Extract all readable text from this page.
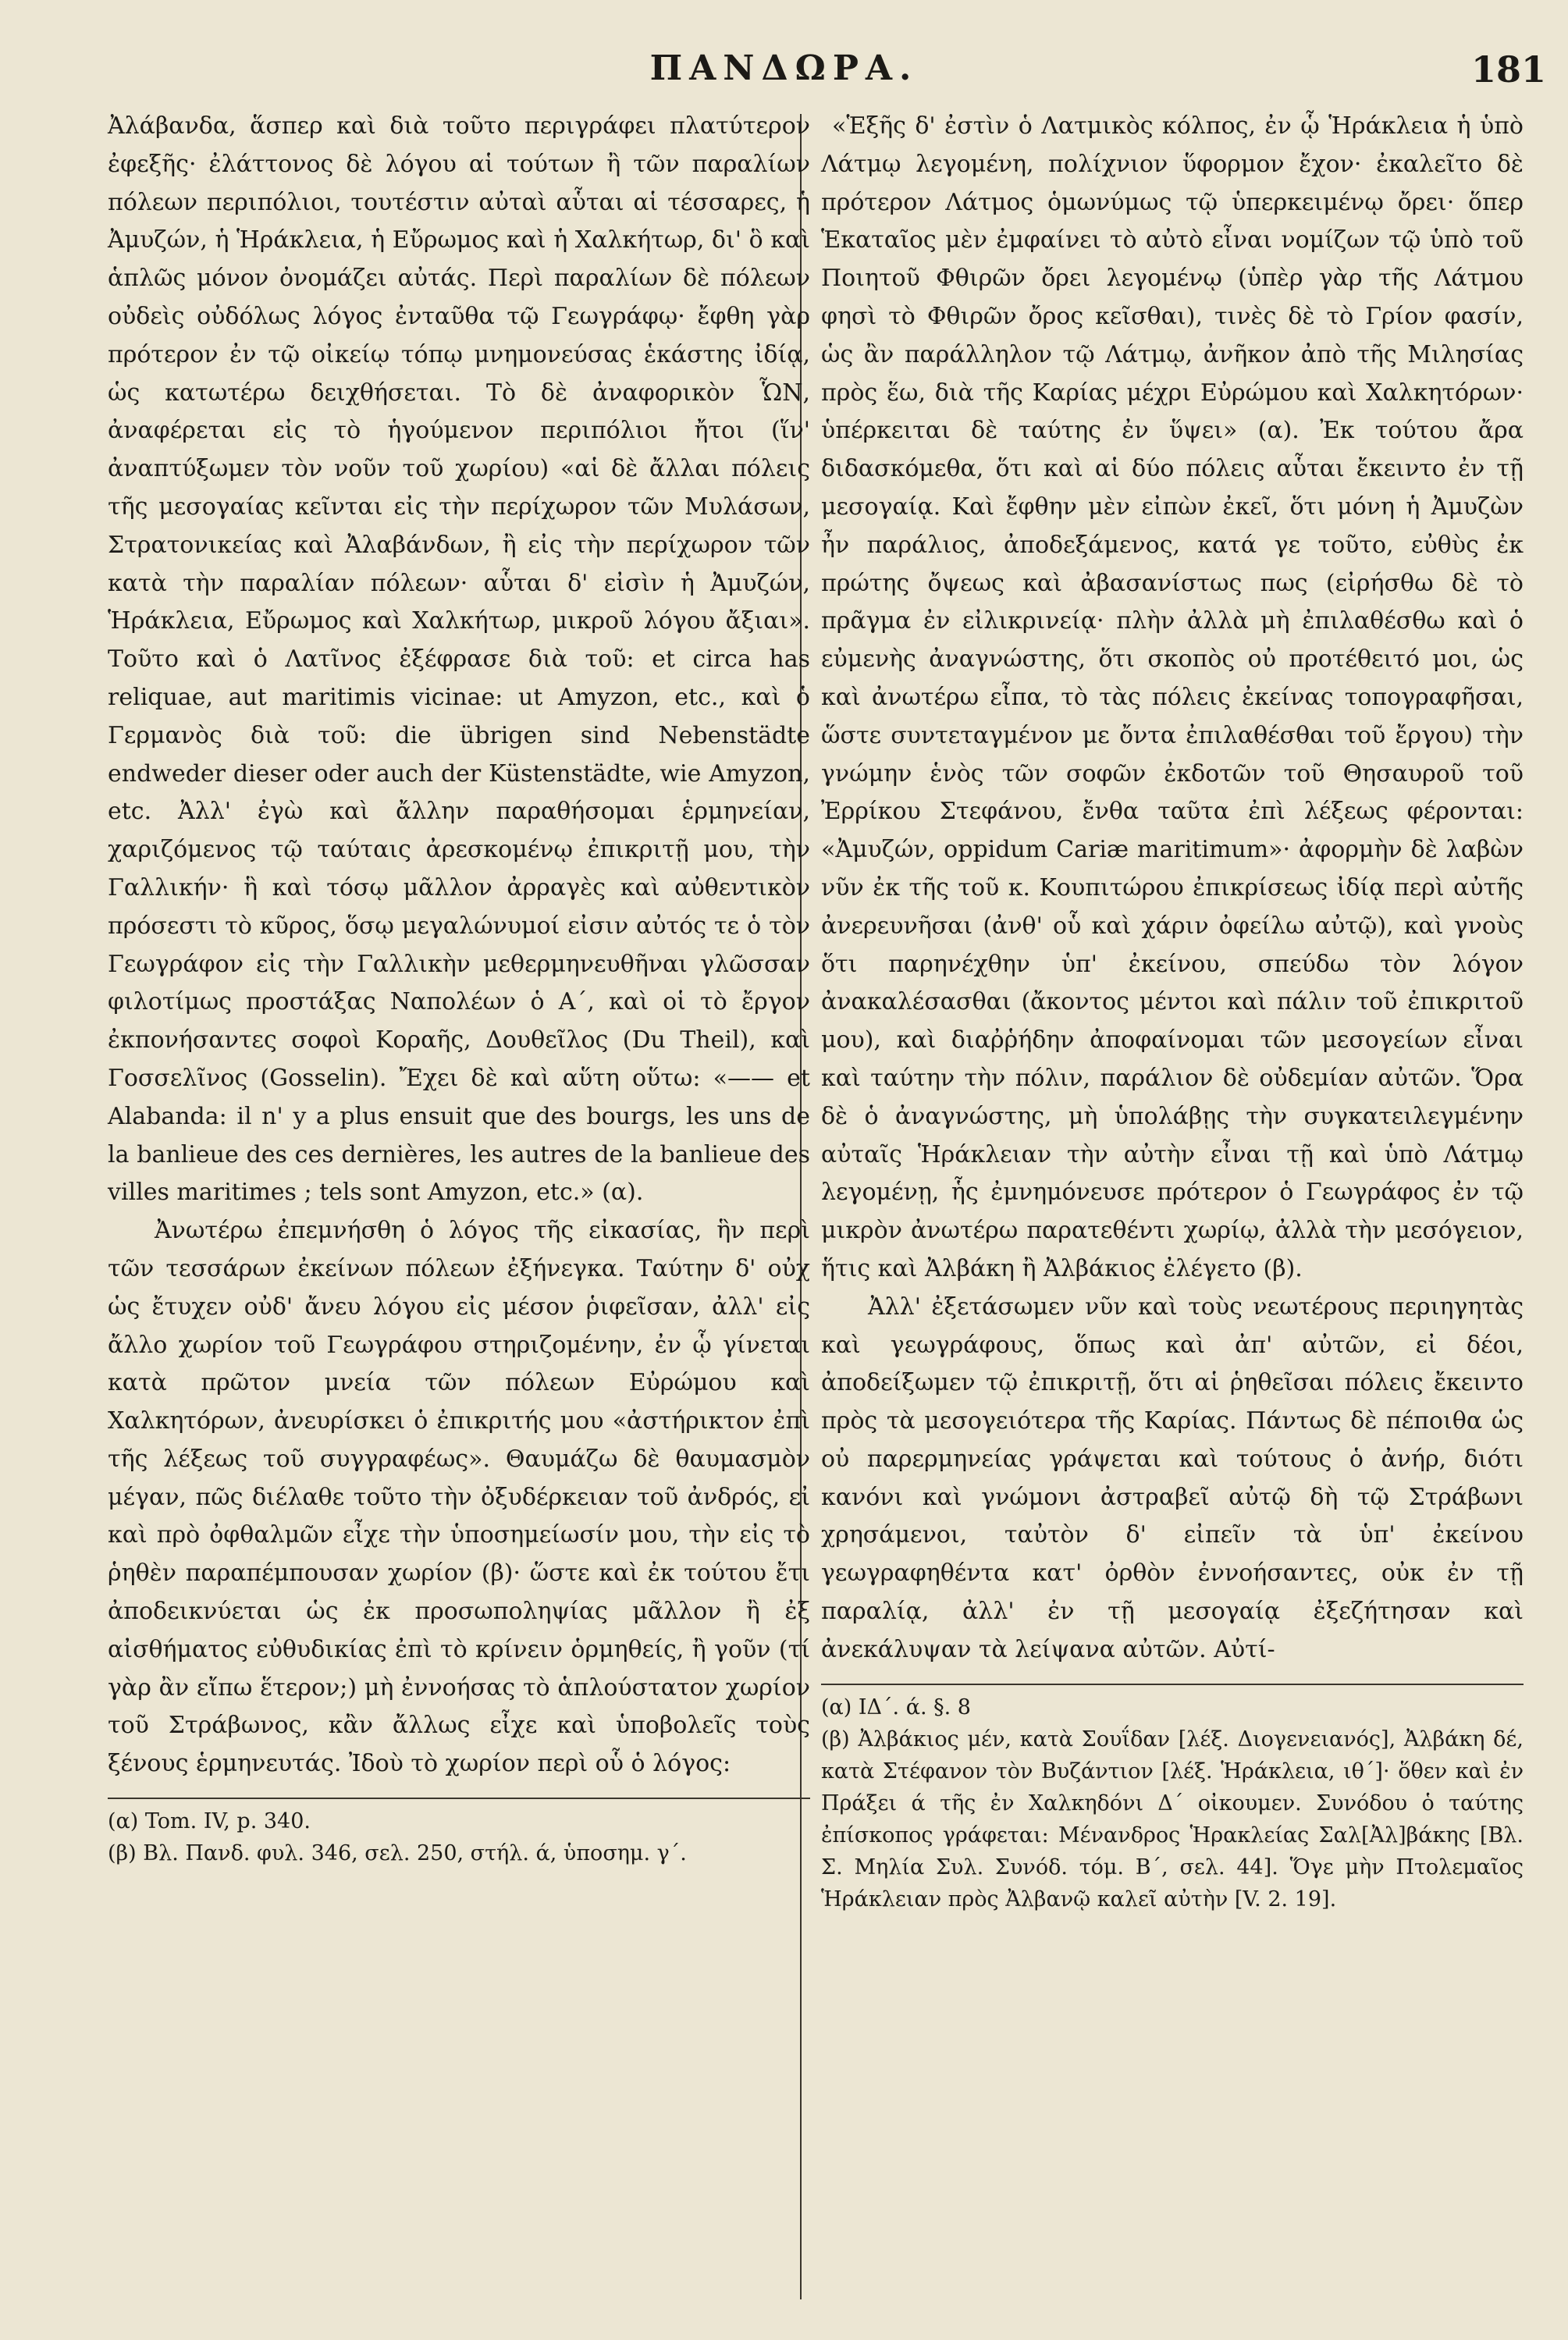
ΠΑΝΔΩΡΑ.	181

Ἀλάβανδα, ἅσπερ καὶ διὰ τοῦτο περιγράφει πλατύτερον ἐφεξῆς· ἐλάττονος δὲ λόγου αἱ τούτων ἢ τῶν παραλίων πόλεων περιπόλιοι, τουτέστιν αὐταὶ αὗται αἱ τέσσαρες, ἡ Ἀμυζών, ἡ Ἡράκλεια, ἡ Εὔρωμος καὶ ἡ Χαλκήτωρ, δι' ὃ καὶ ἁπλῶς μόνον ὀνομάζει αὐτάς. Περὶ παραλίων δὲ πόλεων οὐδεὶς οὐδόλως λόγος ἐνταῦθα τῷ Γεωγράφῳ· ἔφθη γὰρ πρότερον ἐν τῷ οἰκείῳ τόπῳ μνημονεύσας ἑκάστης ἰδίᾳ, ὡς κατωτέρω δειχθήσεται. Τὸ δὲ ἀναφορικὸν ὯΝ, ἀναφέρεται εἰς τὸ ἡγούμενον περιπόλιοι ἤτοι (ἵν' ἀναπτύξωμεν τὸν νοῦν τοῦ χωρίου) «αἱ δὲ ἄλλαι πόλεις τῆς μεσογαίας κεῖνται εἰς τὴν περίχωρον τῶν Μυλάσων, Στρατονικείας καὶ Ἀλαβάνδων, ἢ εἰς τὴν περίχωρον τῶν κατὰ τὴν παραλίαν πόλεων· αὗται δ' εἰσὶν ἡ Ἀμυζών, Ἡράκλεια, Εὔρωμος καὶ Χαλκήτωρ, μικροῦ λόγου ἄξιαι». Τοῦτο καὶ ὁ Λατῖνος ἐξέφρασε διὰ τοῦ: et circa has reliquae, aut maritimis vicinae: ut Amyzon, etc., καὶ ὁ Γερμανὸς διὰ τοῦ: die übrigen sind Nebenstädte endweder dieser oder auch der Küstenstädte, wie Amyzon, etc. Ἀλλ' ἐγὼ καὶ ἄλλην παραθήσομαι ἑρμηνείαν, χαριζόμενος τῷ ταύταις ἀρεσκομένῳ ἐπικριτῇ μου, τὴν Γαλλικήν· ἣ καὶ τόσῳ μᾶλλον ἀρραγὲς καὶ αὐθεντικὸν πρόσεστι τὸ κῦρος, ὅσῳ μεγαλώνυμοί εἰσιν αὐτός τε ὁ τὸν Γεωγράφον εἰς τὴν Γαλλικὴν μεθερμηνευθῆναι γλῶσσαν φιλοτίμως προστάξας Ναπολέων ὁ Α΄, καὶ οἱ τὸ ἔργον ἐκπονήσαντες σοφοὶ Κοραῆς, Δουθεῖλος (Du Theil), καὶ Γοσσελῖνος (Gosselin). Ἔχει δὲ καὶ αὕτη οὕτω: «—— et Alabanda: il n' y a plus ensuit que des bourgs, les uns de la banlieue des ces dernières, les autres de la banlieue des villes maritimes ; tels sont Amyzon, etc.» (α).

Ἀνωτέρω ἐπεμνήσθη ὁ λόγος τῆς εἰκασίας, ἣν περὶ τῶν τεσσάρων ἐκείνων πόλεων ἐξήνεγκα. Ταύτην δ' οὐχ ὡς ἔτυχεν οὐδ' ἄνευ λόγου εἰς μέσον ῥιφεῖσαν, ἀλλ' εἰς ἄλλο χωρίον τοῦ Γεωγράφου στηριζομένην, ἐν ᾧ γίνεται κατὰ πρῶτον μνεία τῶν πόλεων Εὐρώμου καὶ Χαλκητόρων, ἀνευρίσκει ὁ ἐπικριτής μου «ἀστήρικτον ἐπὶ τῆς λέξεως τοῦ συγγραφέως». Θαυμάζω δὲ θαυμασμὸν μέγαν, πῶς διέλαθε τοῦτο τὴν ὀξυδέρκειαν τοῦ ἀνδρός, εἰ καὶ πρὸ ὀφθαλμῶν εἶχε τὴν ὑποσημείωσίν μου, τὴν εἰς τὸ ῥηθὲν παραπέμπουσαν χωρίον (β)· ὥστε καὶ ἐκ τούτου ἔτι ἀποδεικνύεται ὡς ἐκ προσωποληψίας μᾶλλον ἢ ἐξ αἰσθήματος εὐθυδικίας ἐπὶ τὸ κρίνειν ὁρμηθείς, ἢ γοῦν (τί γὰρ ἂν εἴπω ἕτερον;) μὴ ἐννοήσας τὸ ἁπλούστατον χωρίον τοῦ Στράβωνος, κἂν ἄλλως εἶχε καὶ ὑποβολεῖς τοὺς ξένους ἑρμηνευτάς. Ἰδοὺ τὸ χωρίον περὶ οὗ ὁ λόγος:

(α) Tom. IV, p. 340.

(β) Βλ. Πανδ. φυλ. 346, σελ. 250, στήλ. ά, ὑποσημ. γ΄.

«Ἑξῆς δ' ἐστὶν ὁ Λατμικὸς κόλπος, ἐν ᾧ Ἡράκλεια ἡ ὑπὸ Λάτμῳ λεγομένη, πολίχνιον ὕφορμον ἔχον· ἐκαλεῖτο δὲ πρότερον Λάτμος ὁμωνύμως τῷ ὑπερκειμένῳ ὄρει· ὅπερ Ἑκαταῖος μὲν ἐμφαίνει τὸ αὐτὸ εἶναι νομίζων τῷ ὑπὸ τοῦ Ποιητοῦ Φθιρῶν ὄρει λεγομένῳ (ὑπὲρ γὰρ τῆς Λάτμου φησὶ τὸ Φθιρῶν ὄρος κεῖσθαι), τινὲς δὲ τὸ Γρίον φασίν, ὡς ἂν παράλληλον τῷ Λάτμῳ, ἀνῆκον ἀπὸ τῆς Μιλησίας πρὸς ἕω, διὰ τῆς Καρίας μέχρι Εὐρώμου καὶ Χαλκητόρων· ὑπέρκειται δὲ ταύτης ἐν ὕψει» (α). Ἐκ τούτου ἄρα διδασκόμεθα, ὅτι καὶ αἱ δύο πόλεις αὗται ἔκειντο ἐν τῇ μεσογαίᾳ. Καὶ ἔφθην μὲν εἰπὼν ἐκεῖ, ὅτι μόνη ἡ Ἀμυζὼν ἦν παράλιος, ἀποδεξάμενος, κατά γε τοῦτο, εὐθὺς ἐκ πρώτης ὄψεως καὶ ἀβασανίστως πως (εἰρήσθω δὲ τὸ πρᾶγμα ἐν εἰλικρινείᾳ· πλὴν ἀλλὰ μὴ ἐπιλαθέσθω καὶ ὁ εὐμενὴς ἀναγνώστης, ὅτι σκοπὸς οὐ προτέθειτό μοι, ὡς καὶ ἀνωτέρω εἶπα, τὸ τὰς πόλεις ἐκείνας τοπογραφῆσαι, ὥστε συντεταγμένον με ὄντα ἐπιλαθέσθαι τοῦ ἔργου) τὴν γνώμην ἑνὸς τῶν σοφῶν ἐκδοτῶν τοῦ Θησαυροῦ τοῦ Ἐρρίκου Στεφάνου, ἔνθα ταῦτα ἐπὶ λέξεως φέρονται: «Ἀμυζών, oppidum Cariæ maritimum»· ἀφορμὴν δὲ λαβὼν νῦν ἐκ τῆς τοῦ κ. Κουπιτώρου ἐπικρίσεως ἰδίᾳ περὶ αὐτῆς ἀνερευνῆσαι (ἀνθ' οὗ καὶ χάριν ὀφείλω αὐτῷ), καὶ γνοὺς ὅτι παρηνέχθην ὑπ' ἐκείνου, σπεύδω τὸν λόγον ἀνακαλέσασθαι (ἄκοντος μέντοι καὶ πάλιν τοῦ ἐπικριτοῦ μου), καὶ διαῤῥήδην ἀποφαίνομαι τῶν μεσογείων εἶναι καὶ ταύτην τὴν πόλιν, παράλιον δὲ οὐδεμίαν αὐτῶν. Ὅρα δὲ ὁ ἀναγνώστης, μὴ ὑπολάβῃς τὴν συγκατειλεγμένην αὐταῖς Ἡράκλειαν τὴν αὐτὴν εἶναι τῇ καὶ ὑπὸ Λάτμῳ λεγομένῃ, ἧς ἐμνημόνευσε πρότερον ὁ Γεωγράφος ἐν τῷ μικρὸν ἀνωτέρω παρατεθέντι χωρίῳ, ἀλλὰ τὴν μεσόγειον, ἥτις καὶ Ἀλβάκη ἢ Ἀλβάκιος ἐλέγετο (β).

Ἀλλ' ἐξετάσωμεν νῦν καὶ τοὺς νεωτέρους περιηγητὰς καὶ γεωγράφους, ὅπως καὶ ἀπ' αὐτῶν, εἰ δέοι, ἀποδείξωμεν τῷ ἐπικριτῇ, ὅτι αἱ ῥηθεῖσαι πόλεις ἔκειντο πρὸς τὰ μεσογειότερα τῆς Καρίας. Πάντως δὲ πέποιθα ὡς οὐ παρερμηνείας γράψεται καὶ τούτους ὁ ἀνήρ, διότι κανόνι καὶ γνώμονι ἀστραβεῖ αὐτῷ δὴ τῷ Στράβωνι χρησάμενοι, ταὐτὸν δ' εἰπεῖν τὰ ὑπ' ἐκείνου γεωγραφηθέντα κατ' ὀρθὸν ἐννοήσαντες, οὐκ ἐν τῇ παραλίᾳ, ἀλλ' ἐν τῇ μεσογαίᾳ ἐξεζήτησαν καὶ ἀνεκάλυψαν τὰ λείψανα αὐτῶν. Αὐτί-

(α) ΙΔ΄. ά. §. 8

(β) Ἀλβάκιος μέν, κατὰ Σουΐδαν [λέξ. Διογενειανός], Ἀλβάκη δέ, κατὰ Στέφανον τὸν Βυζάντιον [λέξ. Ἡράκλεια, ιθ΄]· ὅθεν καὶ ἐν Πράξει ά τῆς ἐν Χαλκηδόνι Δ΄ οἰκουμεν. Συνόδου ὁ ταύτης ἐπίσκοπος γράφεται: Μένανδρος Ἡρακλείας Σαλ[Ἀλ]βάκης [Βλ. Σ. Μηλία Συλ. Συνόδ. τόμ. Β΄, σελ. 44]. Ὅγε μὴν Πτολεμαῖος Ἡράκλειαν πρὸς Ἀλβανῷ καλεῖ αὐτὴν [V. 2. 19].
